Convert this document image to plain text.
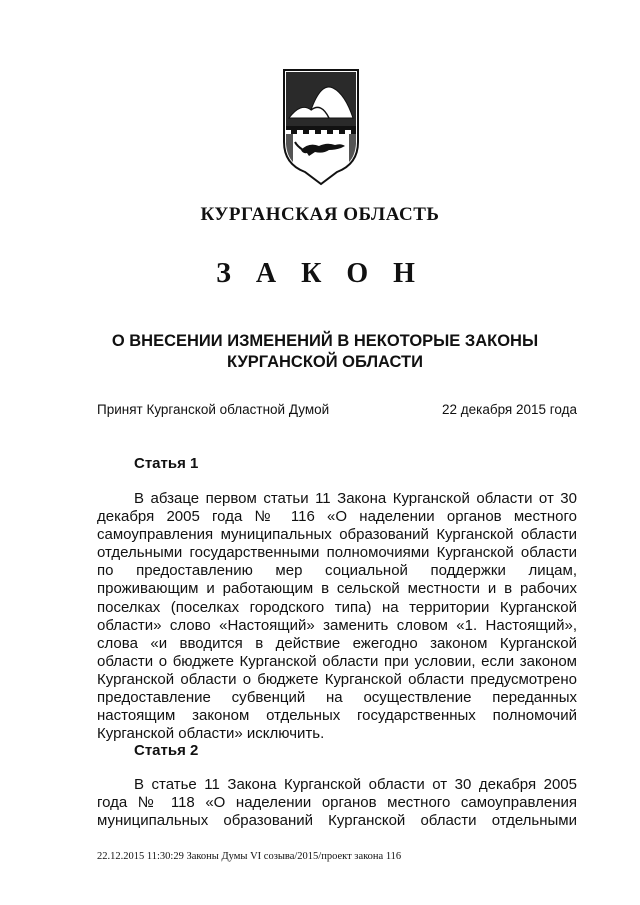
КУРГАНСКАЯ ОБЛАСТЬ
З А К О Н
О ВНЕСЕНИИ ИЗМЕНЕНИЙ В НЕКОТОРЫЕ ЗАКОНЫ
КУРГАНСКОЙ ОБЛАСТИ
Принят Курганской областной Думой	22 декабря 2015 года
Статья 1

В абзаце первом статьи 11 Закона Курганской области от 30 декабря 2005 года № 116 «О наделении органов местного самоуправления муниципальных образований Курганской области отдельными государственными полномочиями Курганской области по предоставлению мер социальной поддержки лицам, проживающим и работающим в сельской местности и в рабочих поселках (поселках городского типа) на территории Курганской области» слово «Настоящий» заменить словом «1. Настоящий», слова «и вводится в действие ежегодно законом Курганской области о бюджете Курганской области при условии, если законом Курганской области о бюджете Курганской области предусмотрено предоставление субвенций на осуществление переданных настоящим законом отдельных государственных полномочий Курганской области» исключить.

Статья 2

В статье 11 Закона Курганской области от 30 декабря 2005 года № 118 «О наделении органов местного самоуправления муниципальных образований Курганской области отдельными

22.12.2015 11:30:29 Законы Думы VI созыва/2015/проект закона 116
